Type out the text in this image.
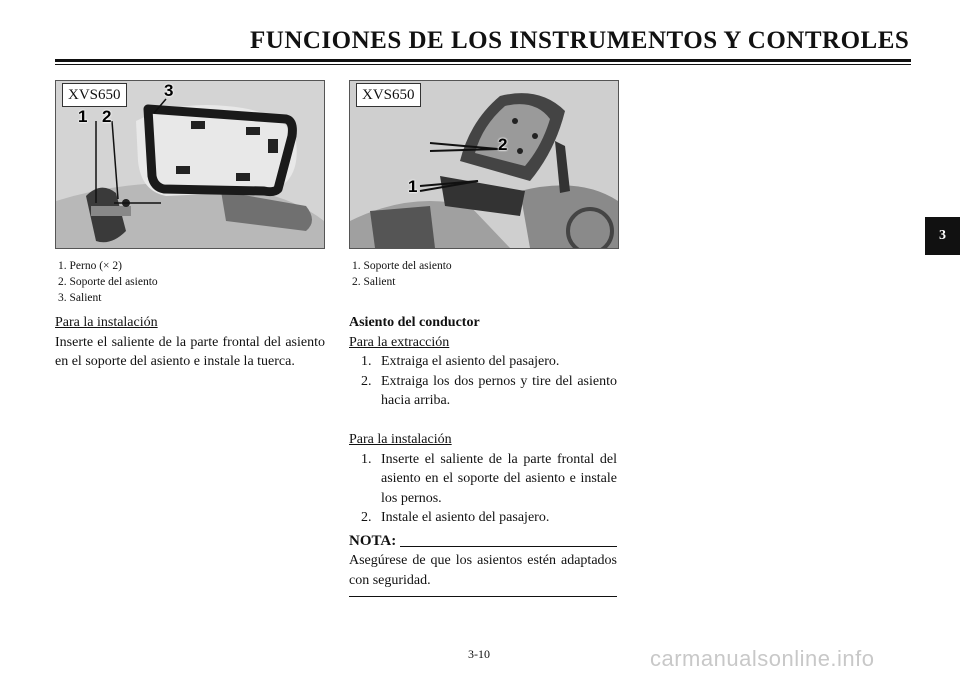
FUNCIONES DE LOS INSTRUMENTOS Y CONTROLES
3
XVS650
1 2
3	XVS650
1
2
1. Perno (× 2)
2. Soporte del asiento
3. Salient
1. Soporte del asiento
2. Salient
Para la instalación
Inserte el saliente de la parte frontal del asiento en el soporte del asiento e instale la tuerca.
Asiento del conductor
Para la extracción
1. Extraiga el asiento del pasajero.
2. Extraiga los dos pernos y tire del asiento hacia arriba.
Para la instalación
1. Inserte el saliente de la parte frontal del asiento en el soporte del asiento e instale los pernos.
2. Instale el asiento del pasajero.
NOTA:
Asegúrese de que los asientos estén adaptados con seguridad.
3-10	carmanualsonline.info
